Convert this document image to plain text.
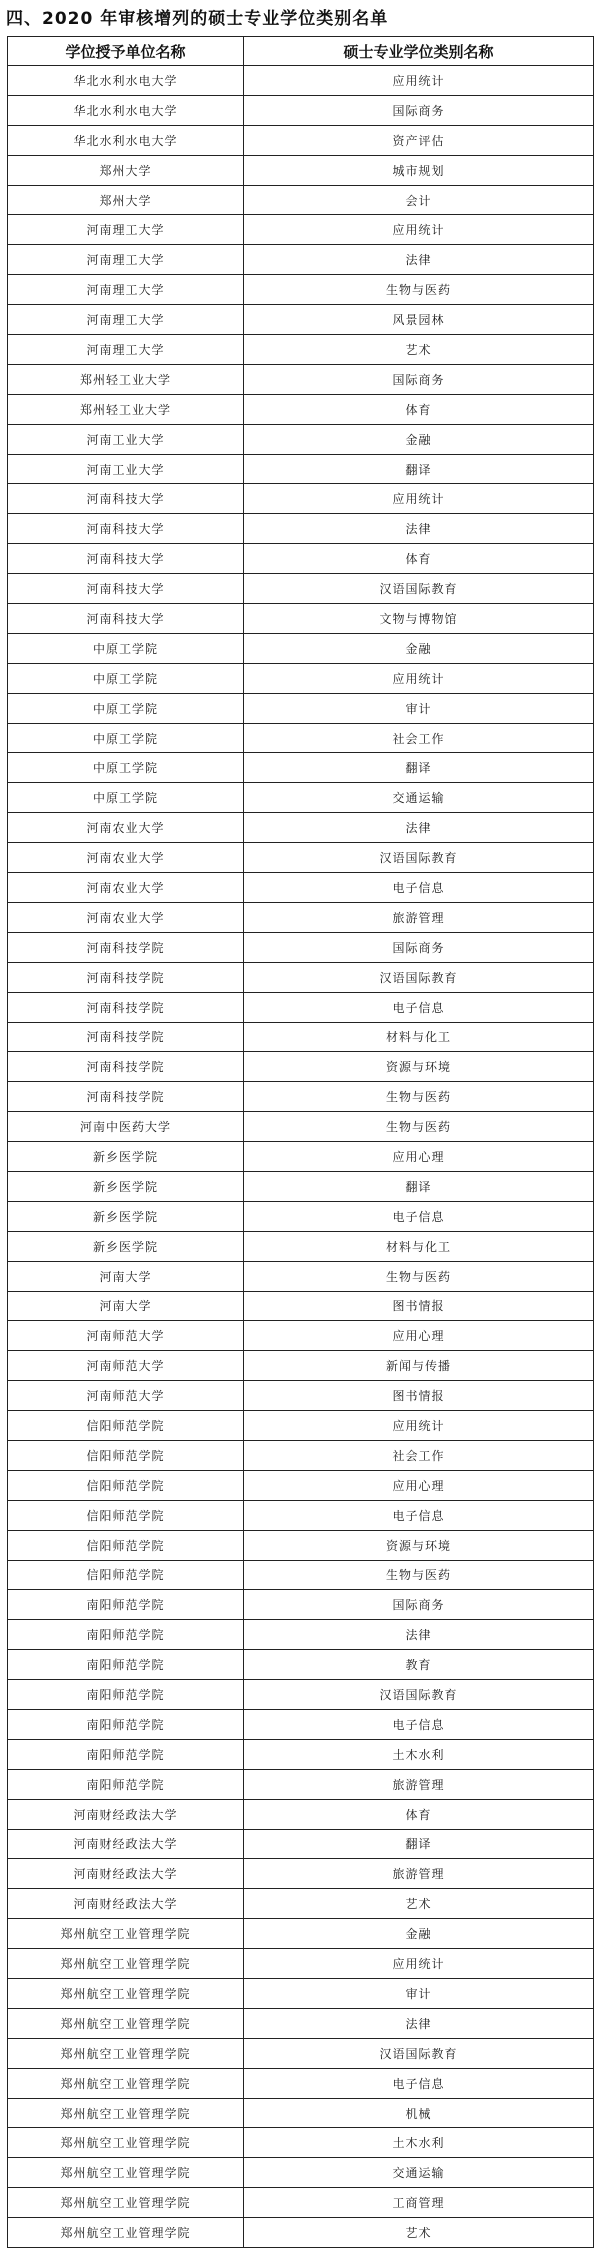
四、2020 年审核增列的硕士专业学位类别名单
学位授予单位名称	硕士专业学位类别名称
华北水利水电大学	应用统计
华北水利水电大学	国际商务
华北水利水电大学	资产评估
郑州大学	城市规划
郑州大学	会计
河南理工大学	应用统计
河南理工大学	法律
河南理工大学	生物与医药
河南理工大学	风景园林
河南理工大学	艺术
郑州轻工业大学	国际商务
郑州轻工业大学	体育
河南工业大学	金融
河南工业大学	翻译
河南科技大学	应用统计
河南科技大学	法律
河南科技大学	体育
河南科技大学	汉语国际教育
河南科技大学	文物与博物馆
中原工学院	金融
中原工学院	应用统计
中原工学院	审计
中原工学院	社会工作
中原工学院	翻译
中原工学院	交通运输
河南农业大学	法律
河南农业大学	汉语国际教育
河南农业大学	电子信息
河南农业大学	旅游管理
河南科技学院	国际商务
河南科技学院	汉语国际教育
河南科技学院	电子信息
河南科技学院	材料与化工
河南科技学院	资源与环境
河南科技学院	生物与医药
河南中医药大学	生物与医药
新乡医学院	应用心理
新乡医学院	翻译
新乡医学院	电子信息
新乡医学院	材料与化工
河南大学	生物与医药
河南大学	图书情报
河南师范大学	应用心理
河南师范大学	新闻与传播
河南师范大学	图书情报
信阳师范学院	应用统计
信阳师范学院	社会工作
信阳师范学院	应用心理
信阳师范学院	电子信息
信阳师范学院	资源与环境
信阳师范学院	生物与医药
南阳师范学院	国际商务
南阳师范学院	法律
南阳师范学院	教育
南阳师范学院	汉语国际教育
南阳师范学院	电子信息
南阳师范学院	土木水利
南阳师范学院	旅游管理
河南财经政法大学	体育
河南财经政法大学	翻译
河南财经政法大学	旅游管理
河南财经政法大学	艺术
郑州航空工业管理学院	金融
郑州航空工业管理学院	应用统计
郑州航空工业管理学院	审计
郑州航空工业管理学院	法律
郑州航空工业管理学院	汉语国际教育
郑州航空工业管理学院	电子信息
郑州航空工业管理学院	机械
郑州航空工业管理学院	土木水利
郑州航空工业管理学院	交通运输
郑州航空工业管理学院	工商管理
郑州航空工业管理学院	艺术
